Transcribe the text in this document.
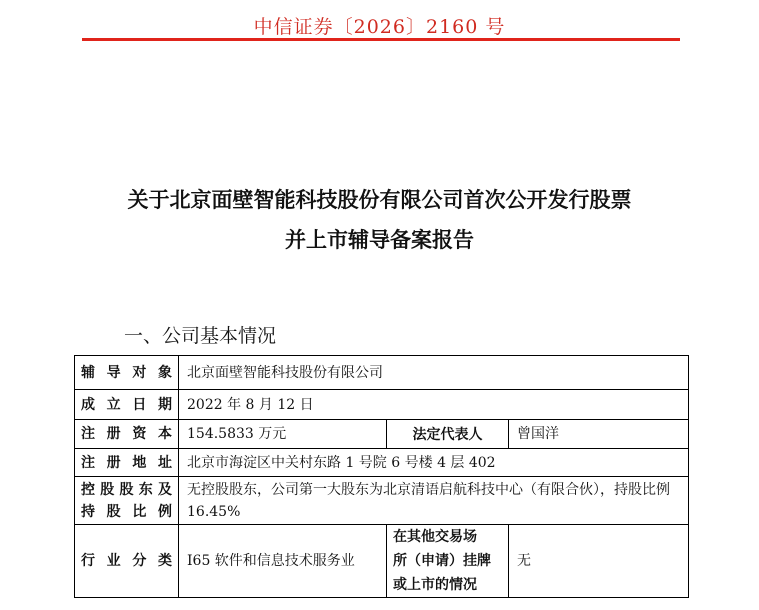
中信证券〔2026〕2160 号
关于北京面壁智能科技股份有限公司首次公开发行股票
并上市辅导备案报告
一、公司基本情况
辅导对象	北京面壁智能科技股份有限公司		
成立日期	2022 年 8 月 12 日		
注册资本	154.5833 万元	法定代表人	曾国洋
注册地址	北京市海淀区中关村东路 1 号院 6 号楼 4 层 402		

控股股东及
持股比例	无控股股东，公司第一大股东为北京清语启航科技中心（有限合伙），持股比例 16.45%		
行业分类	I65 软件和信息技术服务业	在其他交易场
所（申请）挂牌
或上市的情况	无
